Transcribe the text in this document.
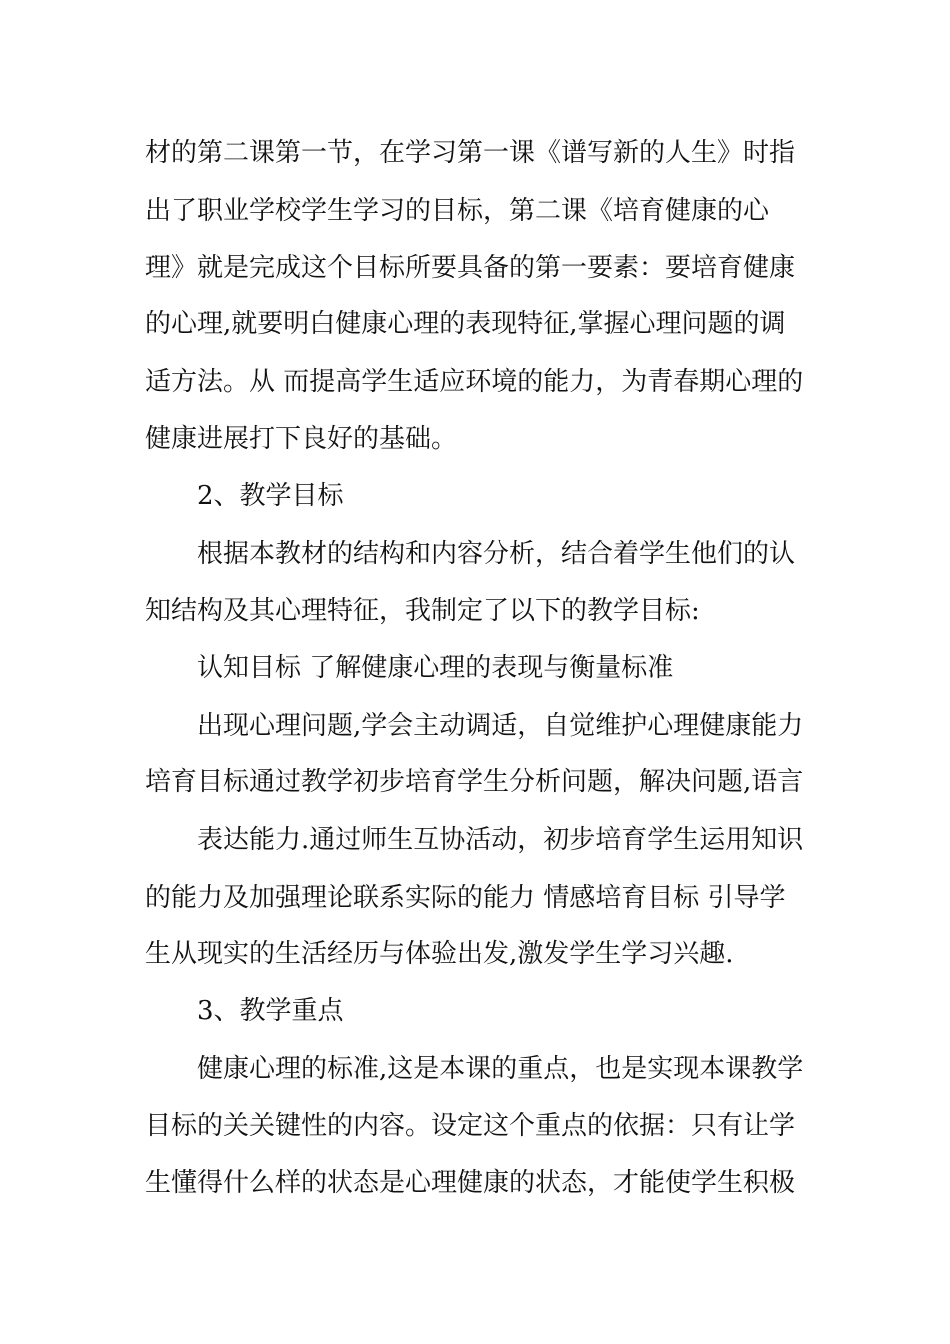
材的第二课第一节，在学习第一课《谱写新的人生》时指
出了职业学校学生学习的目标，第二课《培育健康的心
理》就是完成这个目标所要具备的第一要素：要培育健康
的心理,就要明白健康心理的表现特征,掌握心理问题的调
适方法。从 而提高学生适应环境的能力，为青春期心理的
健康进展打下良好的基础。
2、教学目标
根据本教材的结构和内容分析，结合着学生他们的认
知结构及其心理特征，我制定了以下的教学目标:
认知目标 了解健康心理的表现与衡量标准
出现心理问题,学会主动调适，自觉维护心理健康能力
培育目标通过教学初步培育学生分析问题，解决问题,语言
表达能力.通过师生互协活动，初步培育学生运用知识
的能力及加强理论联系实际的能力 情感培育目标 引导学
生从现实的生活经历与体验出发,激发学生学习兴趣.
3、教学重点
健康心理的标准,这是本课的重点，也是实现本课教学
目标的关关键性的内容。设定这个重点的依据：只有让学
生懂得什么样的状态是心理健康的状态，才能使学生积极
